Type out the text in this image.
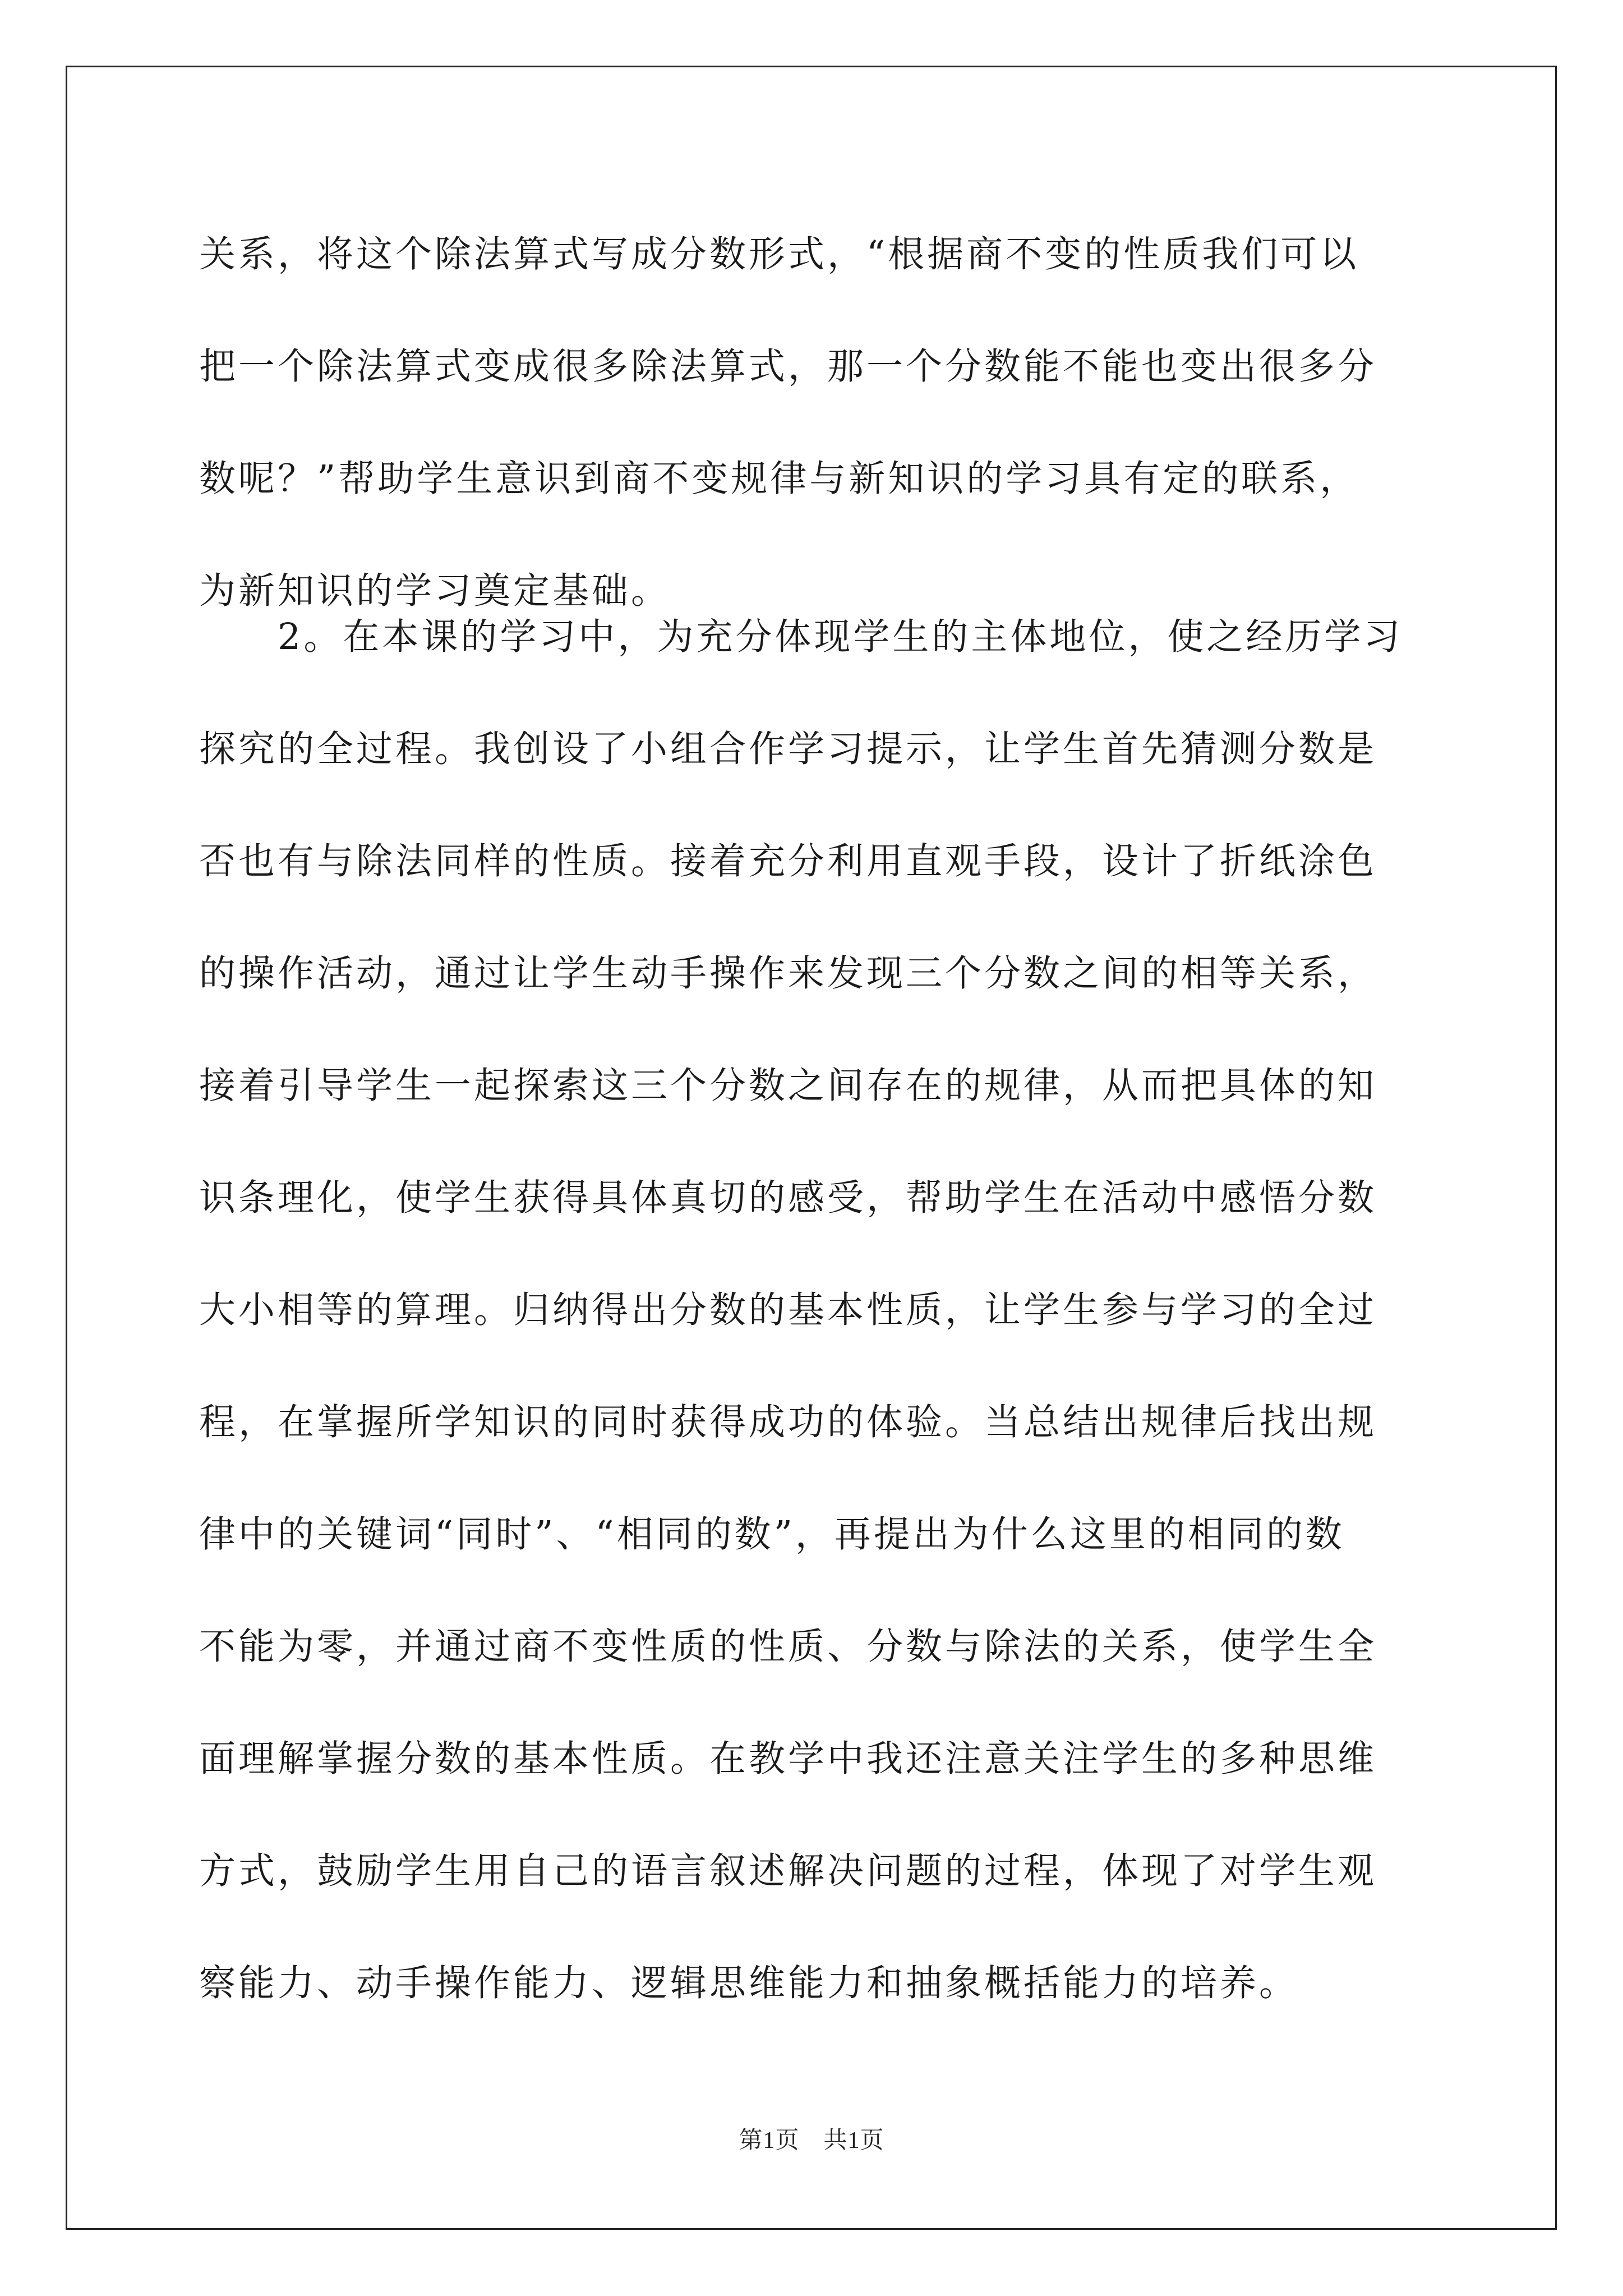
关系，将这个除法算式写成分数形式，“根据商不变的性质我们可以
把一个除法算式变成很多除法算式，那一个分数能不能也变出很多分
数呢？”帮助学生意识到商不变规律与新知识的学习具有定的联系，
为新知识的学习奠定基础。
　　2。在本课的学习中，为充分体现学生的主体地位，使之经历学习
探究的全过程。我创设了小组合作学习提示，让学生首先猜测分数是
否也有与除法同样的性质。接着充分利用直观手段，设计了折纸涂色
的操作活动，通过让学生动手操作来发现三个分数之间的相等关系，
接着引导学生一起探索这三个分数之间存在的规律，从而把具体的知
识条理化，使学生获得具体真切的感受，帮助学生在活动中感悟分数
大小相等的算理。归纳得出分数的基本性质，让学生参与学习的全过
程，在掌握所学知识的同时获得成功的体验。当总结出规律后找出规
律中的关键词“同时”、“相同的数”，再提出为什么这里的相同的数
不能为零，并通过商不变性质的性质、分数与除法的关系，使学生全
面理解掌握分数的基本性质。在教学中我还注意关注学生的多种思维
方式，鼓励学生用自己的语言叙述解决问题的过程，体现了对学生观
察能力、动手操作能力、逻辑思维能力和抽象概括能力的培养。
第1页　共1页
